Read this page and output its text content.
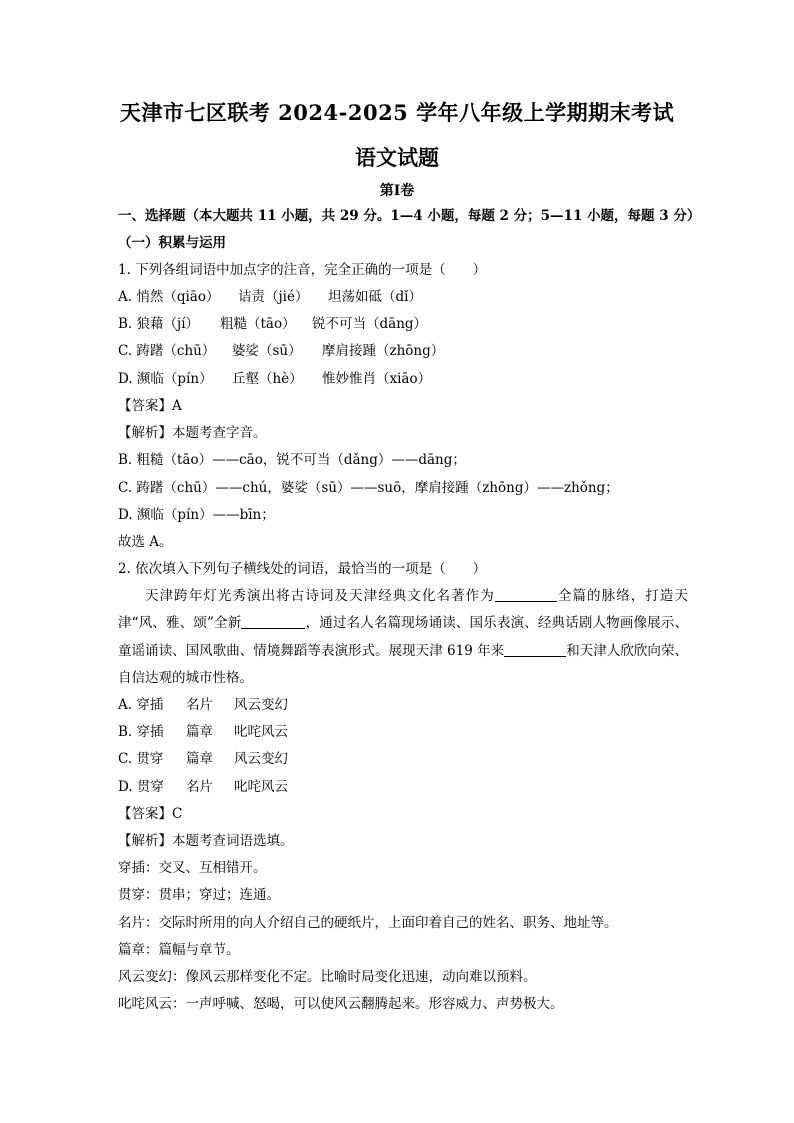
天津市七区联考 2024-2025 学年八年级上学期期末考试
语文试题
第Ⅰ卷
一、选择题（本大题共 11 小题，共 29 分。1—4 小题，每题 2 分；5—11 小题，每题 3 分）
（一）积累与运用
1. 下列各组词语中加点字的注音，完全正确的一项是（　　）
A. 悄然（qiāo） 诘责（jié） 坦荡如砥（dǐ）
B. 狼藉（jí） 粗糙（tāo） 锐不可当（dāng）
C. 踌躇（chū） 婆娑（sū） 摩肩接踵（zhōng）
D. 濒临（pín） 丘壑（hè） 惟妙惟肖（xiāo）
【答案】A
【解析】本题考查字音。
B. 粗糙（tāo）——cāo，锐不可当（dǎng）——dāng；
C. 踌躇（chū）——chú，婆娑（sū）——suō，摩肩接踵（zhōng）——zhǒng；
D. 濒临（pín）——bīn；
故选 A。
2. 依次填入下列句子横线处的词语，最恰当的一项是（　　）
天津跨年灯光秀演出将古诗词及天津经典文化名著作为	全篇的脉络，打造天津“风、雅、颂”全新	，通过名人名篇现场诵读、国乐表演、经典话剧人物画像展示、童谣诵读、国风歌曲、情境舞蹈等表演形式。展现天津 619 年来	和天津人欣欣向荣、自信达观的城市性格。
A. 穿插 名片 风云变幻
B. 穿插 篇章 叱咤风云
C. 贯穿 篇章 风云变幻
D. 贯穿 名片 叱咤风云
【答案】C
【解析】本题考查词语选填。
穿插：交叉、互相错开。
贯穿：贯串；穿过；连通。
名片：交际时所用的向人介绍自己的硬纸片，上面印着自己的姓名、职务、地址等。
篇章：篇幅与章节。
风云变幻：像风云那样变化不定。比喻时局变化迅速，动向难以预料。
叱咤风云：一声呼喊、怒喝，可以使风云翻腾起来。形容威力、声势极大。
